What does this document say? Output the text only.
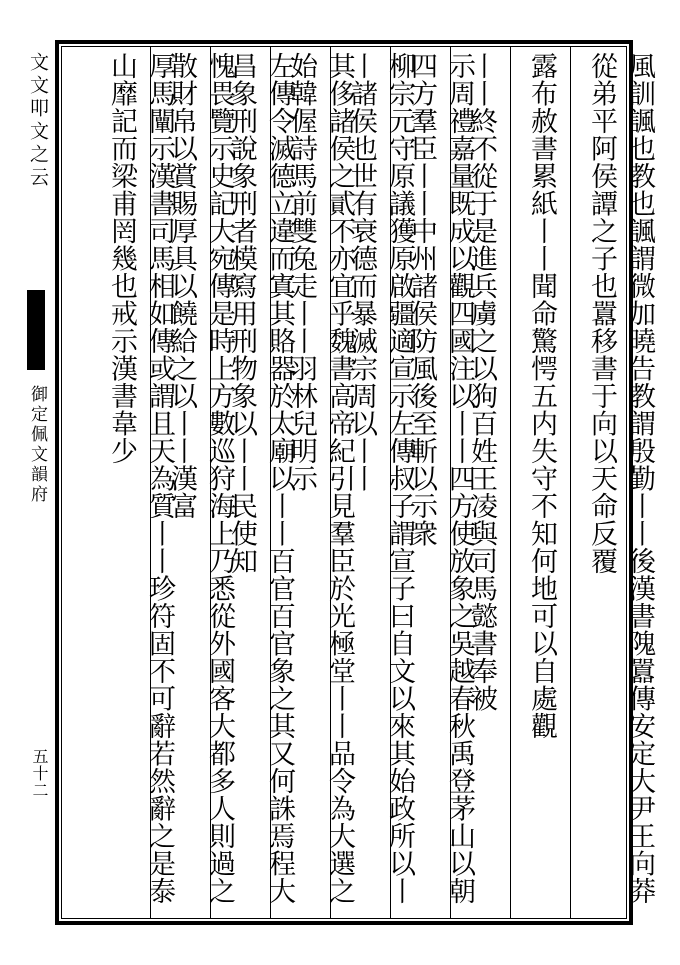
文文叩文之云
御定佩文韻府
五十二	風訓諷也教也諷謂微加曉告教謂殷勤丨丨後漢書隗囂傳安定大尹王向莽從弟平阿侯譚之子也囂移書于向以天命反覆
露布赦書累紙丨丨聞命驚愕五内失守不知何地可以自處觀
丨丨終不從于是進兵虜之以狗百姓王凌與司馬懿書奉被
示周禮嘉量既成以觀四國注以丨丨四方使放象之吳越春秋禹登茅山以朝四方羣臣丨丨中州諸侯防風後至斬以示衆
柳宗元守原議獲原啟疆適宣示左傳叔子謂宣子曰自文以來其始政所以丨丨諸侯也世有衰德而暴滅宗周以丨丨
其侈諸侯之貳不亦宜乎魏書高帝紀引見羣臣於光極堂丨丨品令為大選之始韓偓詩馬前雙兔走丨丨羽林兒明示
左傳令滅德立違而寘其賂器於太廟以丨丨百官百官象之其又何誅焉程大昌象刑說象刑者模寫用刑物象以丨丨民使知
愧畏覽示史記大宛傳是時上方數巡狩海上乃悉從外國客大都多人則過之散財帛以賞賜厚具以饒給之以丨丨漢富
厚馬闡示漢書司馬相如傳或謂且天為質丨丨珍符固不可辭若然辭之是泰山靡記而梁甫罔幾也戒示漢書韋少
